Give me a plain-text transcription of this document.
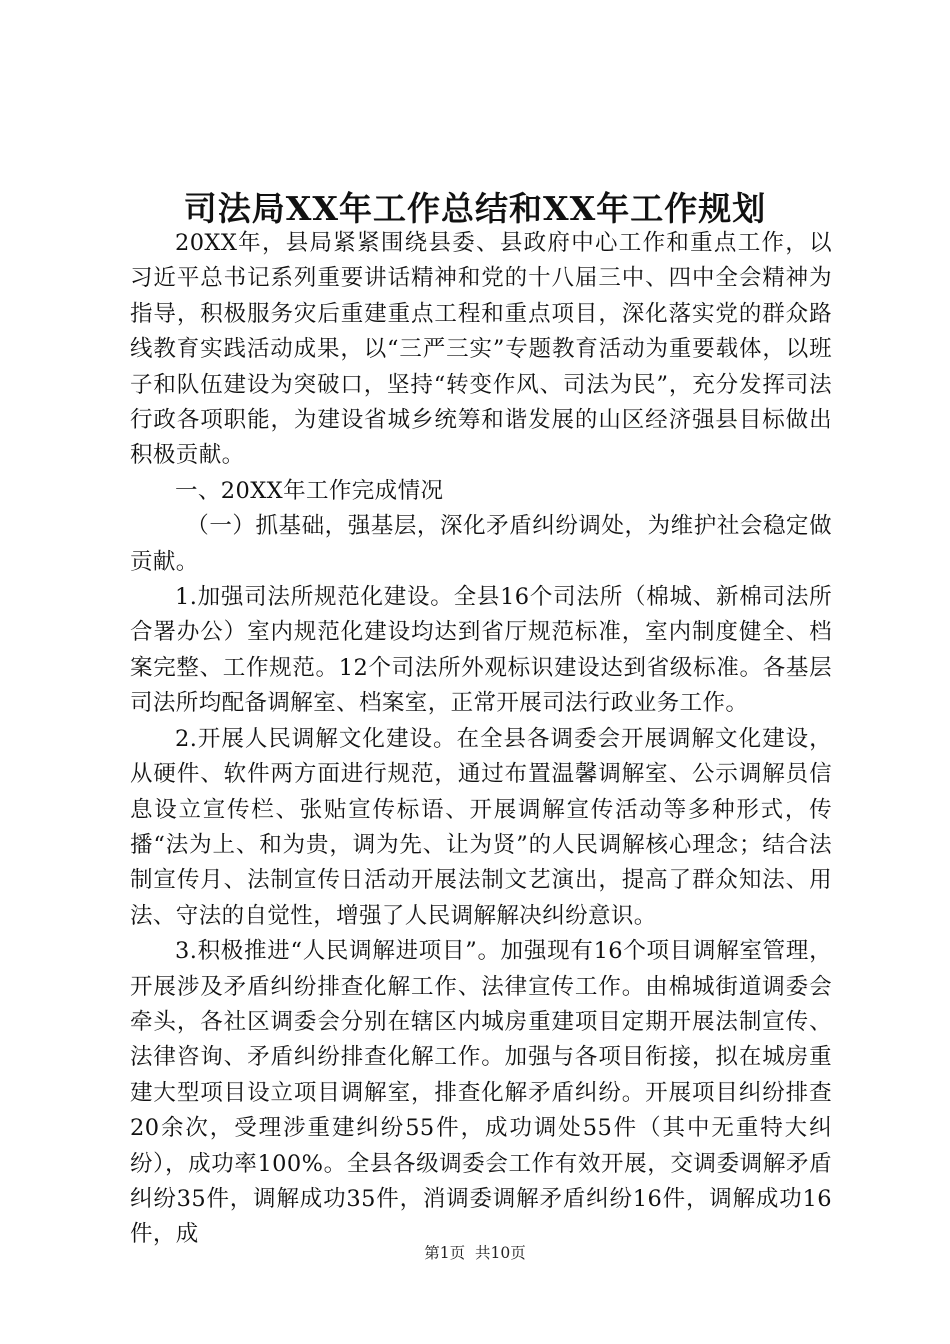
司法局XX年工作总结和XX年工作规划

20XX年，县局紧紧围绕县委、县政府中心工作和重点工作，以习近平总书记系列重要讲话精神和党的十八届三中、四中全会精神为指导，积极服务灾后重建重点工程和重点项目，深化落实党的群众路线教育实践活动成果，以“三严三实”专题教育活动为重要载体，以班子和队伍建设为突破口，坚持“转变作风、司法为民”，充分发挥司法行政各项职能，为建设省城乡统筹和谐发展的山区经济强县目标做出积极贡献。

一、20XX年工作完成情况

（一）抓基础，强基层，深化矛盾纠纷调处，为维护社会稳定做贡献。

1.加强司法所规范化建设。全县16个司法所（棉城、新棉司法所合署办公）室内规范化建设均达到省厅规范标准，室内制度健全、档案完整、工作规范。12个司法所外观标识建设达到省级标准。各基层司法所均配备调解室、档案室，正常开展司法行政业务工作。

2.开展人民调解文化建设。在全县各调委会开展调解文化建设，从硬件、软件两方面进行规范，通过布置温馨调解室、公示调解员信息设立宣传栏、张贴宣传标语、开展调解宣传活动等多种形式，传播“法为上、和为贵，调为先、让为贤”的人民调解核心理念；结合法制宣传月、法制宣传日活动开展法制文艺演出，提高了群众知法、用法、守法的自觉性，增强了人民调解解决纠纷意识。

3.积极推进“人民调解进项目”。加强现有16个项目调解室管理，开展涉及矛盾纠纷排查化解工作、法律宣传工作。由棉城街道调委会牵头，各社区调委会分别在辖区内城房重建项目定期开展法制宣传、法律咨询、矛盾纠纷排查化解工作。加强与各项目衔接，拟在城房重建大型项目设立项目调解室，排查化解矛盾纠纷。开展项目纠纷排查20余次，受理涉重建纠纷55件，成功调处55件（其中无重特大纠纷），成功率100%。全县各级调委会工作有效开展，交调委调解矛盾纠纷35件，调解成功35件，消调委调解矛盾纠纷16件，调解成功16件，成

第1页  共10页
